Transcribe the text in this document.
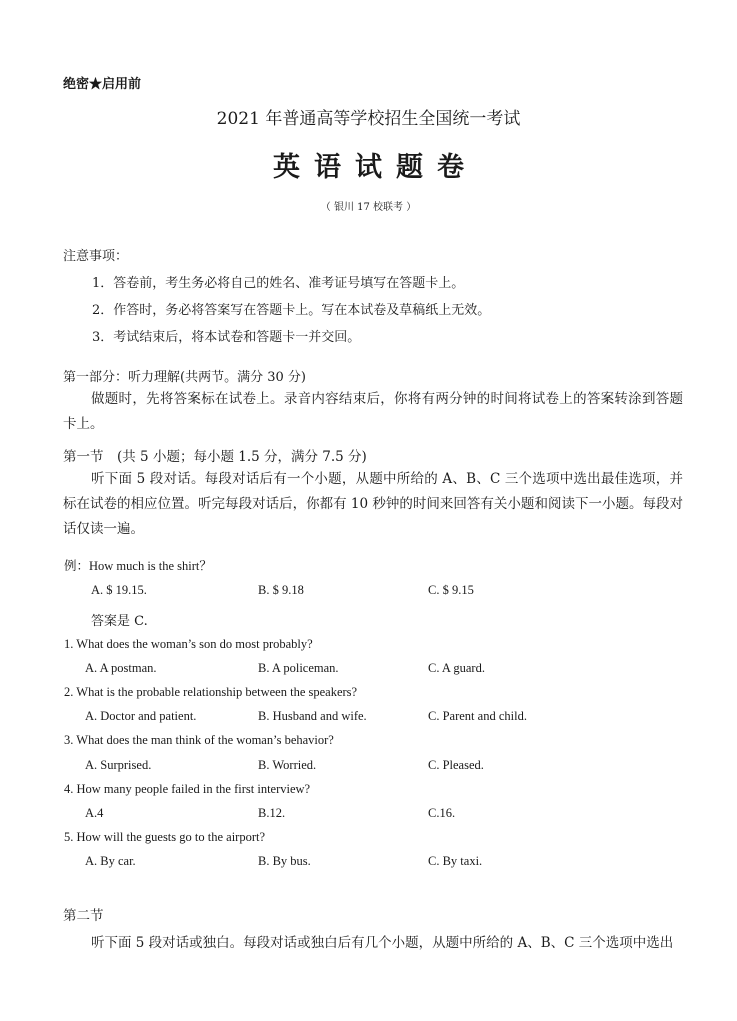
绝密★启用前
2021 年普通高等学校招生全国统一考试
英语试题卷
（ 银川 17 校联考 ）
注意事项：
1．答卷前，考生务必将自己的姓名、准考证号填写在答题卡上。
2．作答时，务必将答案写在答题卡上。写在本试卷及草稿纸上无效。
3．考试结束后，将本试卷和答题卡一并交回。
第一部分：听力理解(共两节。满分 30 分)
做题时，先将答案标在试卷上。录音内容结束后，你将有两分钟的时间将试卷上的答案转涂到答题卡上。
第一节　(共 5 小题；每小题 1.5 分，满分 7.5 分)
听下面 5 段对话。每段对话后有一个小题，从题中所给的 A、B、C 三个选项中选出最佳选项，并标在试卷的相应位置。听完每段对话后，你都有 10 秒钟的时间来回答有关小题和阅读下一小题。每段对话仅读一遍。
例：How much is the shirt？
A. $ 19.15.	B. $ 9.18	C. $ 9.15
答案是 C.
1. What does the woman’s son do most probably?
A. A postman.	B. A policeman.	C. A guard.
2. What is the probable relationship between the speakers?
A. Doctor and patient.	B. Husband and wife.	C. Parent and child.
3. What does the man think of the woman’s behavior?
A. Surprised.	B. Worried.	C. Pleased.
4. How many people failed in the first interview?
A.4	B.12.	C.16.
5. How will the guests go to the airport?
A. By car.	B. By bus.	C. By taxi.
第二节
听下面 5 段对话或独白。每段对话或独白后有几个小题，从题中所给的 A、B、C 三个选项中选出
